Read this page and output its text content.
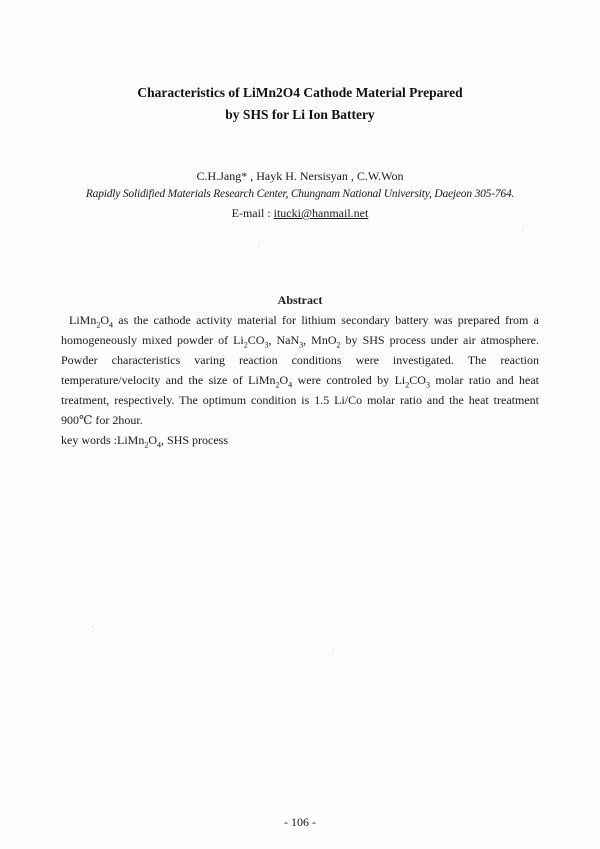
Characteristics of LiMn2O4 Cathode Material Prepared
by SHS for Li Ion Battery
C.H.Jang* , Hayk H. Nersisyan , C.W.Won
Rapidly Solidified Materials Research Center, Chungnam National University, Daejeon 305-764.
E-mail : itucki@hanmail.net
Abstract
$LiMn_2O_4$ as the cathode activity material for lithium secondary battery was prepared from a homogeneously mixed powder of $Li_2CO_3$, NaN$_3$, MnO$_2$ by SHS process under air atmosphere. Powder characteristics varing reaction conditions were investigated. The reaction temperature/velocity and the size of $LiMn_2O_4$ were controled by $Li_2CO_3$ molar ratio and heat treatment, respectively. The optimum condition is 1.5 Li/Co molar ratio and the heat treatment 900℃ for 2hour.
key words $:LiMn_2O_4$, SHS process
- 106 -
